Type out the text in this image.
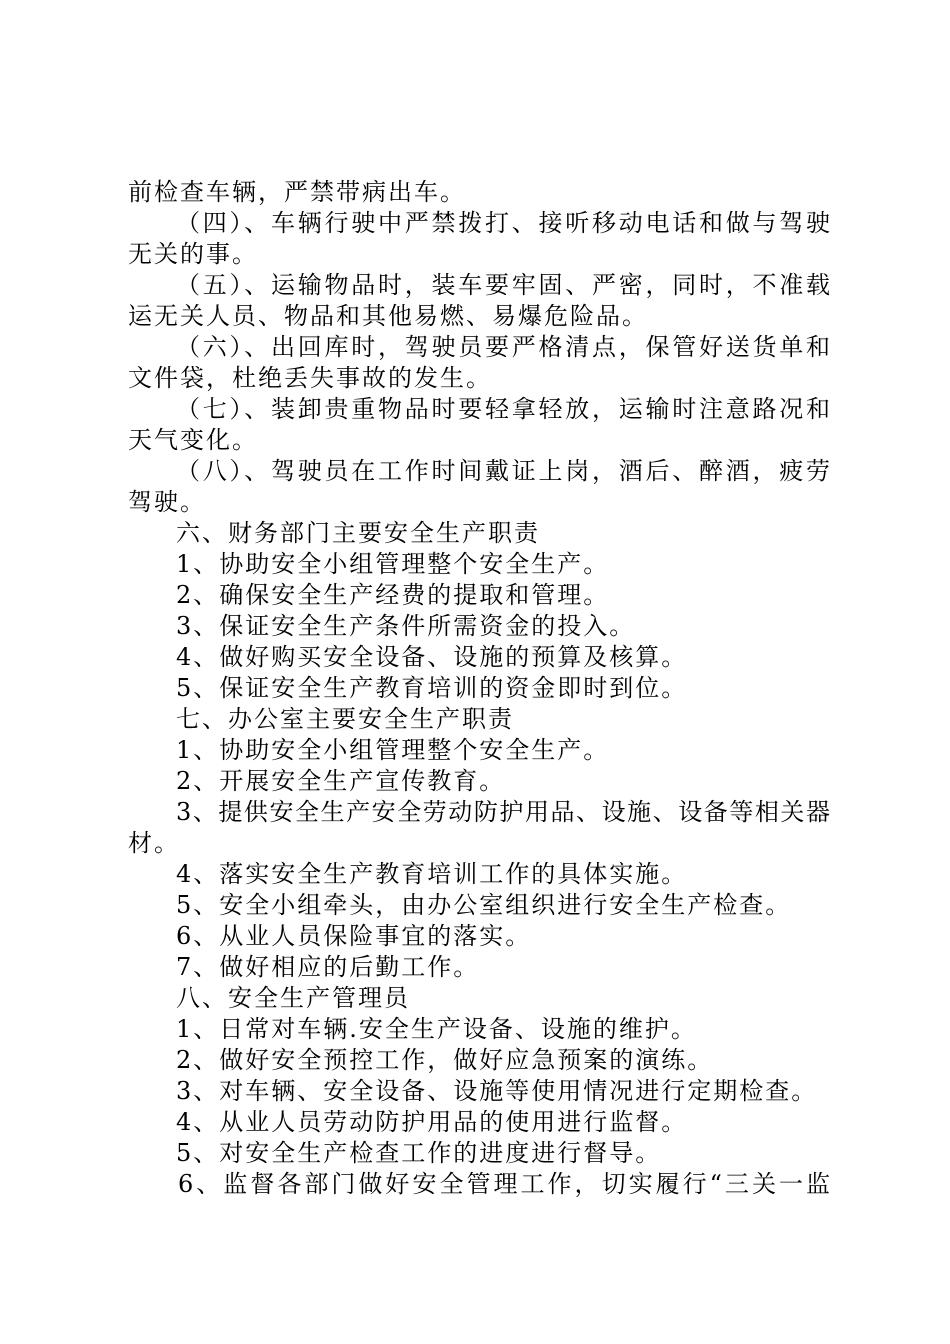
前检查车辆，严禁带病出车。
（四）、车辆行驶中严禁拨打、接听移动电话和做与驾驶
无关的事。
（五）、运输物品时，装车要牢固、严密，同时，不准载
运无关人员、物品和其他易燃、易爆危险品。
（六）、出回库时，驾驶员要严格清点，保管好送货单和
文件袋，杜绝丢失事故的发生。
（七）、装卸贵重物品时要轻拿轻放，运输时注意路况和
天气变化。
（八）、驾驶员在工作时间戴证上岗，酒后、醉酒，疲劳
驾驶。
六、财务部门主要安全生产职责
1、协助安全小组管理整个安全生产。
2、确保安全生产经费的提取和管理。
3、保证安全生产条件所需资金的投入。
4、做好购买安全设备、设施的预算及核算。
5、保证安全生产教育培训的资金即时到位。
七、办公室主要安全生产职责
1、协助安全小组管理整个安全生产。
2、开展安全生产宣传教育。
3、提供安全生产安全劳动防护用品、设施、设备等相关器
材。
4、落实安全生产教育培训工作的具体实施。
5、安全小组牵头，由办公室组织进行安全生产检查。
6、从业人员保险事宜的落实。
7、做好相应的后勤工作。
八、安全生产管理员
1、日常对车辆.安全生产设备、设施的维护。
2、做好安全预控工作，做好应急预案的演练。
3、对车辆、安全设备、设施等使用情况进行定期检查。
4、从业人员劳动防护用品的使用进行监督。
5、对安全生产检查工作的进度进行督导。
6、监督各部门做好安全管理工作，切实履行“三关一监
